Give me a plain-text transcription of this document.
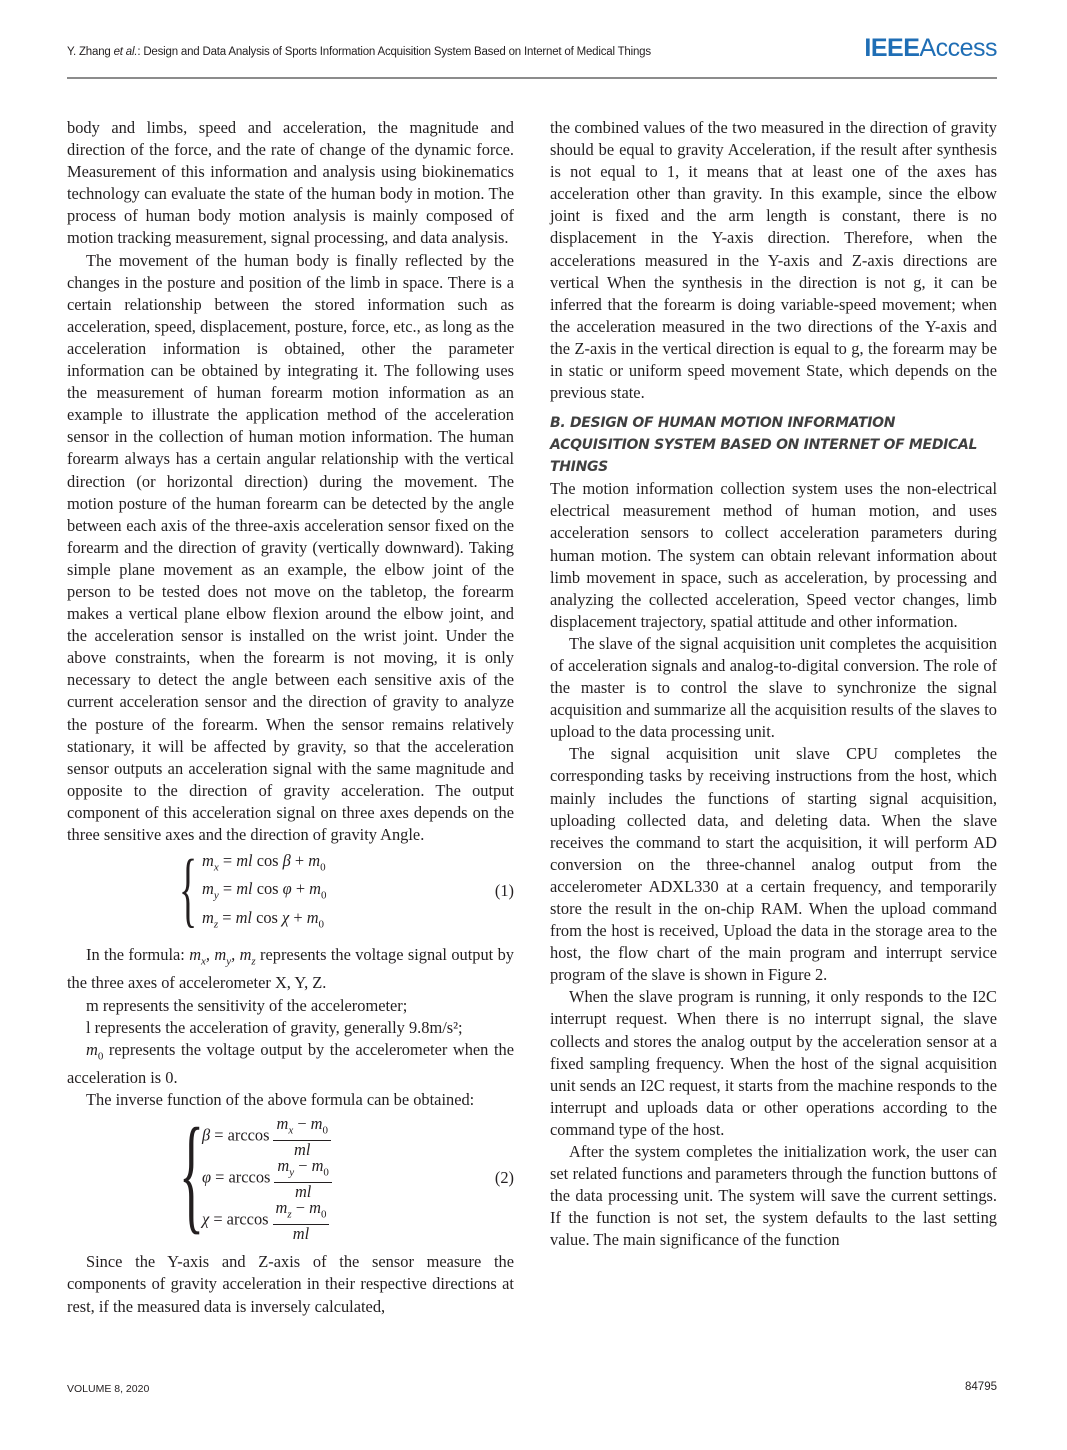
Y. Zhang et al.: Design and Data Analysis of Sports Information Acquisition System Based on Internet of Medical Things	IEEEAccess

body and limbs, speed and acceleration, the magnitude and direction of the force, and the rate of change of the dynamic force. Measurement of this information and analysis using biokinematics technology can evaluate the state of the human body in motion. The process of human body motion analysis is mainly composed of motion tracking measurement, signal processing, and data analysis.

The movement of the human body is finally reflected by the changes in the posture and position of the limb in space. There is a certain relationship between the stored information such as acceleration, speed, displacement, posture, force, etc., as long as the acceleration information is obtained, other the parameter information can be obtained by integrating it. The following uses the measurement of human forearm motion information as an example to illustrate the application method of the acceleration sensor in the collection of human motion information. The human forearm always has a certain angular relationship with the vertical direction (or horizontal direction) during the movement. The motion posture of the human forearm can be detected by the angle between each axis of the three-axis acceleration sensor fixed on the forearm and the direction of gravity (vertically downward). Taking simple plane movement as an example, the elbow joint of the person to be tested does not move on the tabletop, the forearm makes a vertical plane elbow flexion around the elbow joint, and the acceleration sensor is installed on the wrist joint. Under the above constraints, when the forearm is not moving, it is only necessary to detect the angle between each sensitive axis of the current acceleration sensor and the direction of gravity to analyze the posture of the forearm. When the sensor remains relatively stationary, it will be affected by gravity, so that the acceleration sensor outputs an acceleration signal with the same magnitude and opposite to the direction of gravity acceleration. The output component of this acceleration signal on three axes depends on the three sensitive axes and the direction of gravity Angle.

{ $m_x$ = ml $\cos \beta + m_0$
$m_y$ = ml $\cos \varphi + m_0$
$m_z$ = ml $\cos \chi + m_0$
(1)

In the formula: $m_x$, $m_y$, $m_z$ represents the voltage signal output by the three axes of accelerometer X, Y, Z.

m represents the sensitivity of the accelerometer;

l represents the acceleration of gravity, generally 9.8m/s²;

$m_0$ represents the voltage output by the accelerometer when the acceleration is 0.

The inverse function of the above formula can be obtained:

{
$\beta = \arccos \frac{m_x - m_0}{ml}$
$\varphi = \arccos \frac{m_y - m_0}{ml}$
$\chi = \arccos \frac{m_z - m_0}{ml}$
(2)

Since the Y-axis and Z-axis of the sensor measure the components of gravity acceleration in their respective directions at rest, if the measured data is inversely calculated,

the combined values of the two measured in the direction of gravity should be equal to gravity Acceleration, if the result after synthesis is not equal to 1, it means that at least one of the axes has acceleration other than gravity. In this example, since the elbow joint is fixed and the arm length is constant, there is no displacement in the Y-axis direction. Therefore, when the accelerations measured in the Y-axis and Z-axis directions are vertical When the synthesis in the direction is not g, it can be inferred that the forearm is doing variable-speed movement; when the acceleration measured in the two directions of the Y-axis and the Z-axis in the vertical direction is equal to g, the forearm may be in static or uniform speed movement State, which depends on the previous state.

B. DESIGN OF HUMAN MOTION INFORMATION ACQUISITION SYSTEM BASED ON INTERNET OF MEDICAL THINGS

The motion information collection system uses the non-electrical electrical measurement method of human motion, and uses acceleration sensors to collect acceleration parameters during human motion. The system can obtain relevant information about limb movement in space, such as acceleration, by processing and analyzing the collected acceleration, Speed vector changes, limb displacement trajectory, spatial attitude and other information.

The slave of the signal acquisition unit completes the acquisition of acceleration signals and analog-to-digital conversion. The role of the master is to control the slave to synchronize the signal acquisition and summarize all the acquisition results of the slaves to upload to the data processing unit.

The signal acquisition unit slave CPU completes the corresponding tasks by receiving instructions from the host, which mainly includes the functions of starting signal acquisition, uploading collected data, and deleting data. When the slave receives the command to start the acquisition, it will perform AD conversion on the three-channel analog output from the accelerometer ADXL330 at a certain frequency, and temporarily store the result in the on-chip RAM. When the upload command from the host is received, Upload the data in the storage area to the host, the flow chart of the main program and interrupt service program of the slave is shown in Figure 2.

When the slave program is running, it only responds to the I2C interrupt request. When there is no interrupt signal, the slave collects and stores the analog output by the acceleration sensor at a fixed sampling frequency. When the host of the signal acquisition unit sends an I2C request, it starts from the machine responds to the interrupt and uploads data or other operations according to the command type of the host.

After the system completes the initialization work, the user can set related functions and parameters through the function buttons of the data processing unit. The system will save the current settings. If the function is not set, the system defaults to the last setting value. The main significance of the function

VOLUME 8, 2020	84795
